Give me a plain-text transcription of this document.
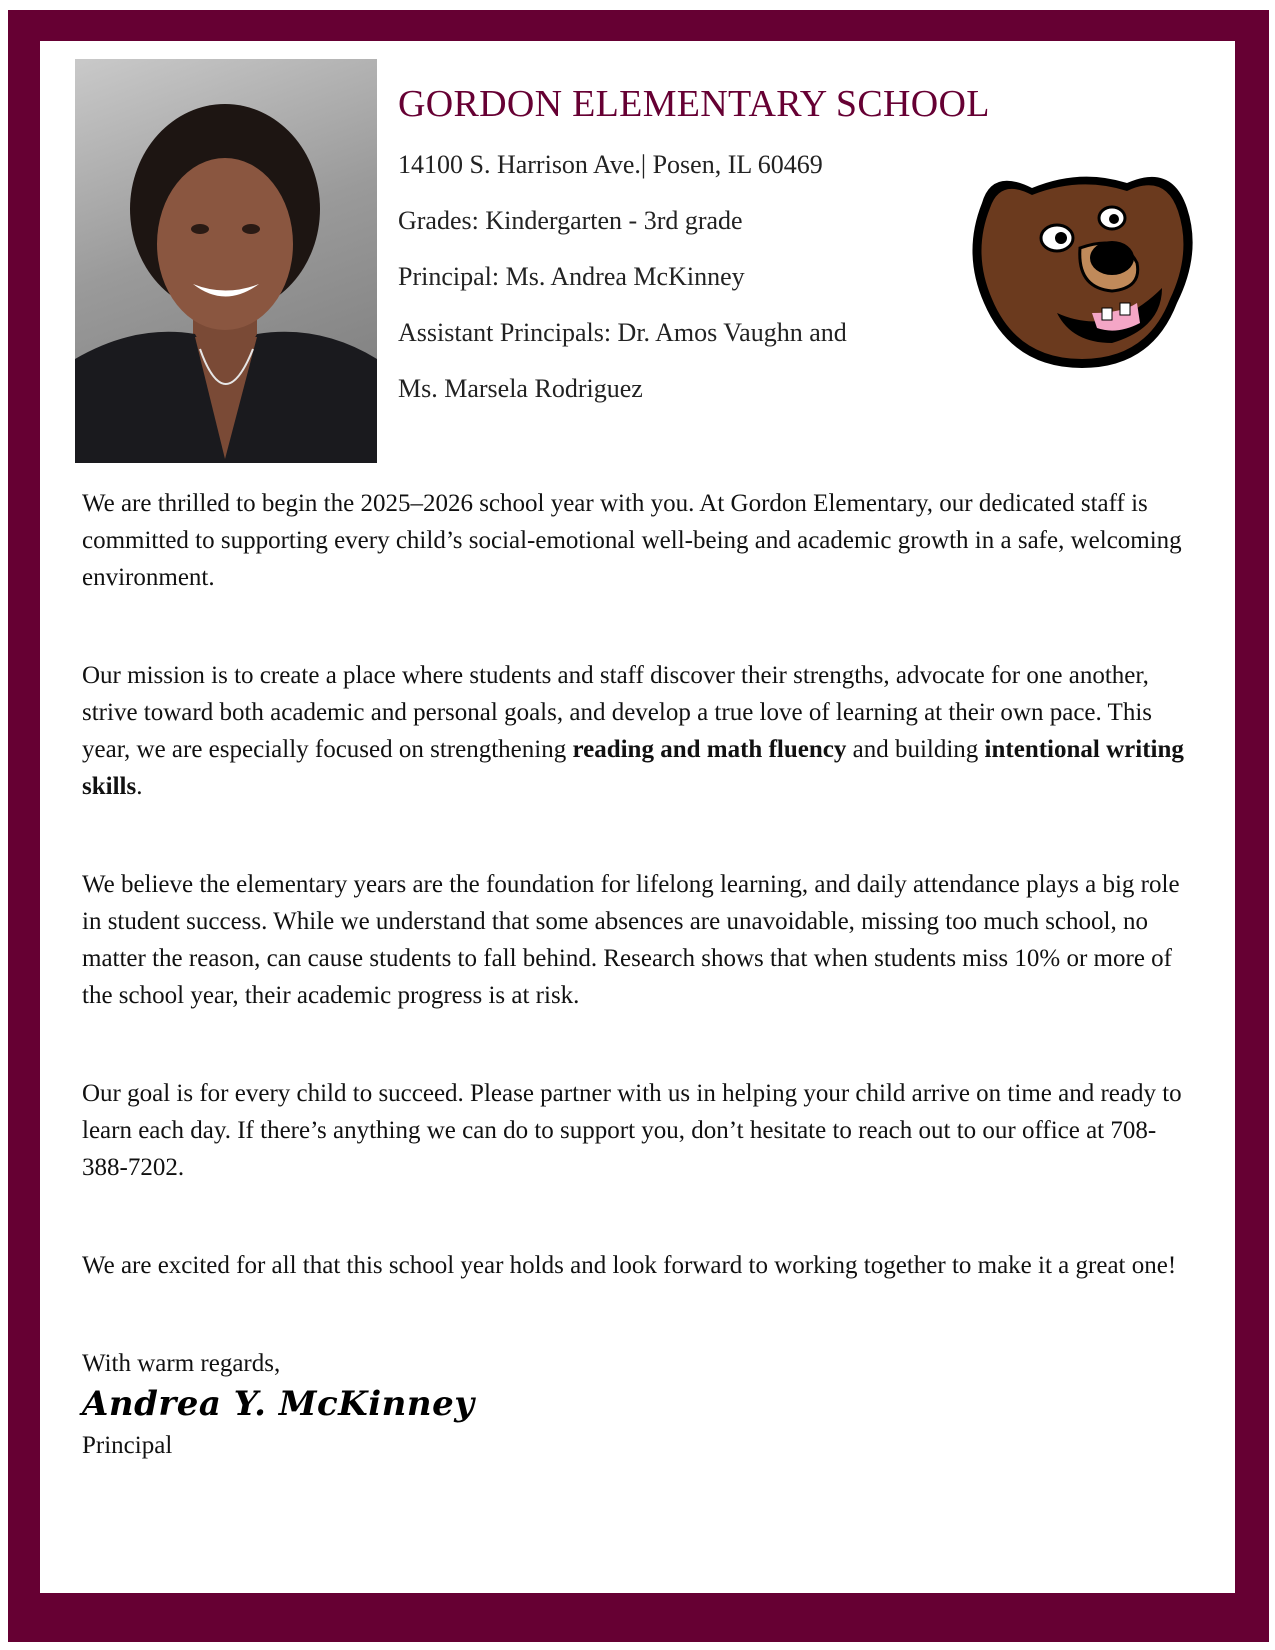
GORDON ELEMENTARY SCHOOL

14100 S. Harrison Ave.| Posen, IL 60469

Grades: Kindergarten - 3rd grade

Principal: Ms. Andrea McKinney

Assistant Principals: Dr. Amos Vaughn and

Ms. Marsela Rodriguez

We are thrilled to begin the 2025–2026 school year with you. At Gordon Elementary, our dedicated staff is committed to supporting every child’s social-emotional well-being and academic growth in a safe, welcoming environment.

Our mission is to create a place where students and staff discover their strengths, advocate for one another, strive toward both academic and personal goals, and develop a true love of learning at their own pace. This year, we are especially focused on strengthening reading and math fluency and building intentional writing skills.

We believe the elementary years are the foundation for lifelong learning, and daily attendance plays a big role in student success. While we understand that some absences are unavoidable, missing too much school, no matter the reason, can cause students to fall behind. Research shows that when students miss 10% or more of the school year, their academic progress is at risk.

Our goal is for every child to succeed. Please partner with us in helping your child arrive on time and ready to learn each day. If there’s anything we can do to support you, don’t hesitate to reach out to our office at 708-388-7202.

We are excited for all that this school year holds and look forward to working together to make it a great one!

With warm regards,
Andrea Y. McKinney
Principal
